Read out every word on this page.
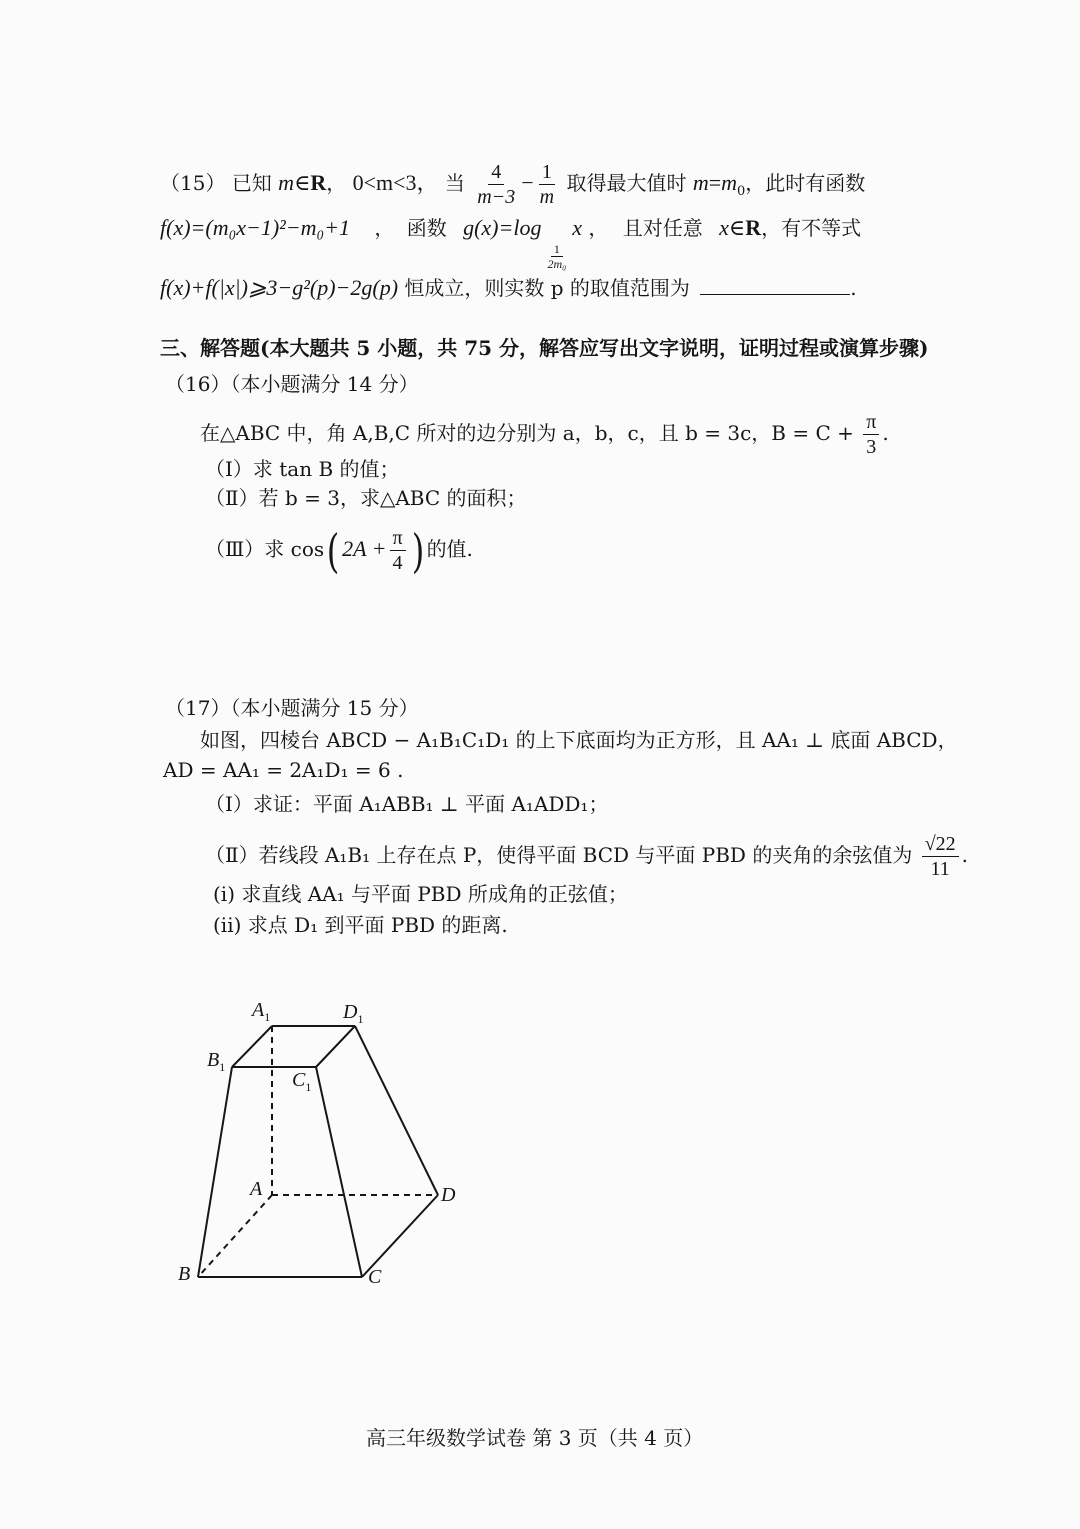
（15） 已知 m∈R， 0<m<3， 当 $\frac{4}{m-3} - \frac{1}{m}$ 取得最大值时 $m=m_0$，此时有函数
f(x)=(m₀x−1)²−m₀+1 ， 函数 g(x)=log
$\frac{1}{\text{2m₀}}$
x ， 且对任意 x∈R，有不等式
f(x)+f(|x|)⩾3−g²(p)−2g(p) 恒成立，则实数 p 的取值范围为	.
三、解答题(本大题共 5 小题，共 75 分，解答应写出文字说明，证明过程或演算步骤)
（16）（本小题满分 14 分）
在△ABC 中，角 A,B,C 所对的边分别为 a，b，c，且 b = 3c，$B = C + \frac{\pi}{3}$ .
（Ⅰ）求 tan B 的值；
（Ⅱ）若 b = 3，求△ABC 的面积；
（Ⅲ）求 cos( $2A + \frac{\pi}{4}$ ) 的值.
（17）（本小题满分 15 分）
如图，四棱台 ABCD − A₁B₁C₁D₁ 的上下底面均为正方形，且 AA₁ ⊥ 底面 ABCD，
AD = AA₁ = 2A₁D₁ = 6 .
（Ⅰ）求证：平面 A₁ABB₁ ⊥ 平面 A₁ADD₁；
（Ⅱ）若线段 A₁B₁ 上存在点 P，使得平面 BCD 与平面 PBD 的夹角的余弦值为 $\frac{√22}{11}$ .
(i) 求直线 AA₁ 与平面 PBD 所成角的正弦值；
(ii) 求点 D₁ 到平面 PBD 的距离.
$A_1$	$D_1$
$B_1$
$C_1$
A	D
B	C
高三年级数学试卷 第 3 页（共 4 页）
